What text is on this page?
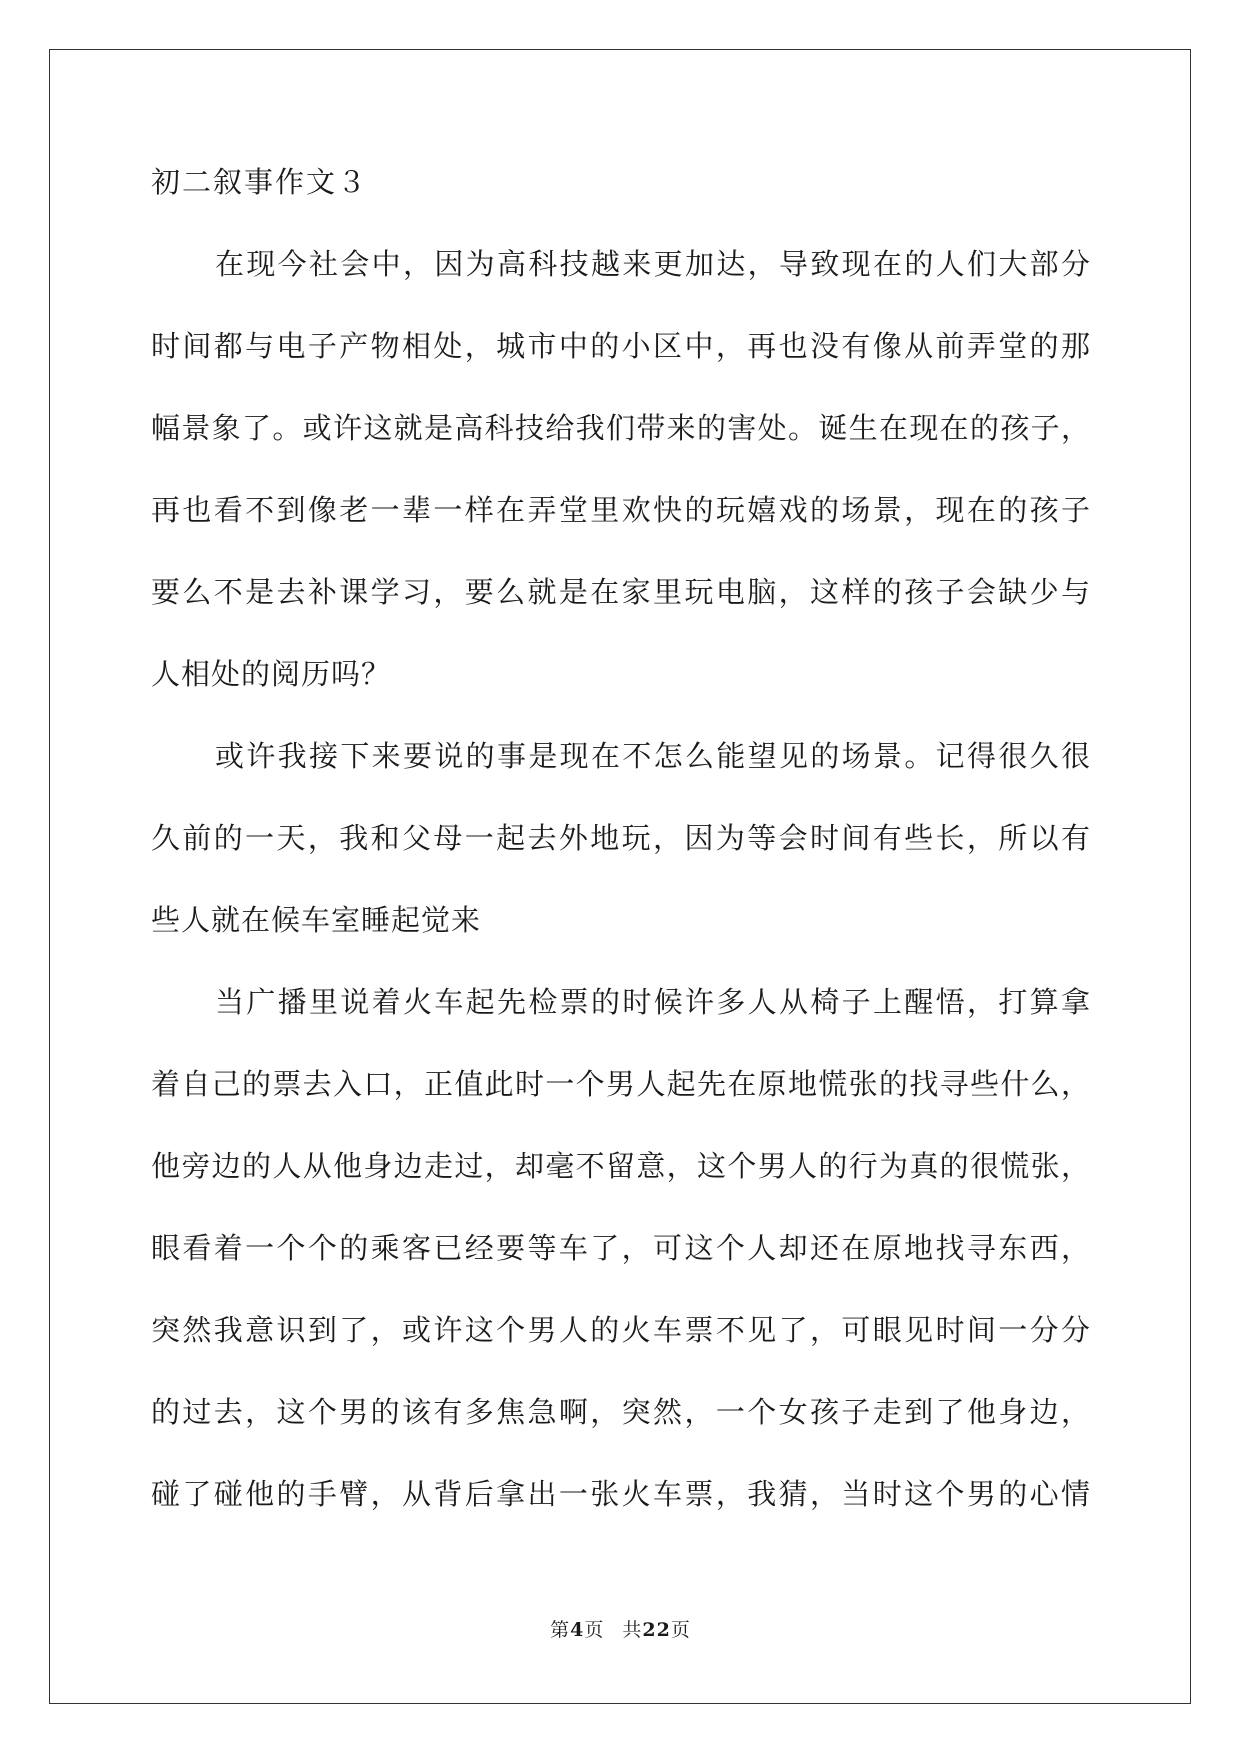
初二叙事作文３
在现今社会中，因为高科技越来更加达，导致现在的人们大部分
时间都与电子产物相处，城市中的小区中，再也没有像从前弄堂的那
幅景象了。或许这就是高科技给我们带来的害处。诞生在现在的孩子，
再也看不到像老一辈一样在弄堂里欢快的玩嬉戏的场景，现在的孩子
要么不是去补课学习，要么就是在家里玩电脑，这样的孩子会缺少与
人相处的阅历吗？
或许我接下来要说的事是现在不怎么能望见的场景。记得很久很
久前的一天，我和父母一起去外地玩，因为等会时间有些长，所以有
些人就在候车室睡起觉来
当广播里说着火车起先检票的时候许多人从椅子上醒悟，打算拿
着自己的票去入口，正值此时一个男人起先在原地慌张的找寻些什么，
他旁边的人从他身边走过，却毫不留意，这个男人的行为真的很慌张，
眼看着一个个的乘客已经要等车了，可这个人却还在原地找寻东西，
突然我意识到了，或许这个男人的火车票不见了，可眼见时间一分分
的过去，这个男的该有多焦急啊，突然，一个女孩子走到了他身边，
碰了碰他的手臂，从背后拿出一张火车票，我猜，当时这个男的心情
第4页 共22页
